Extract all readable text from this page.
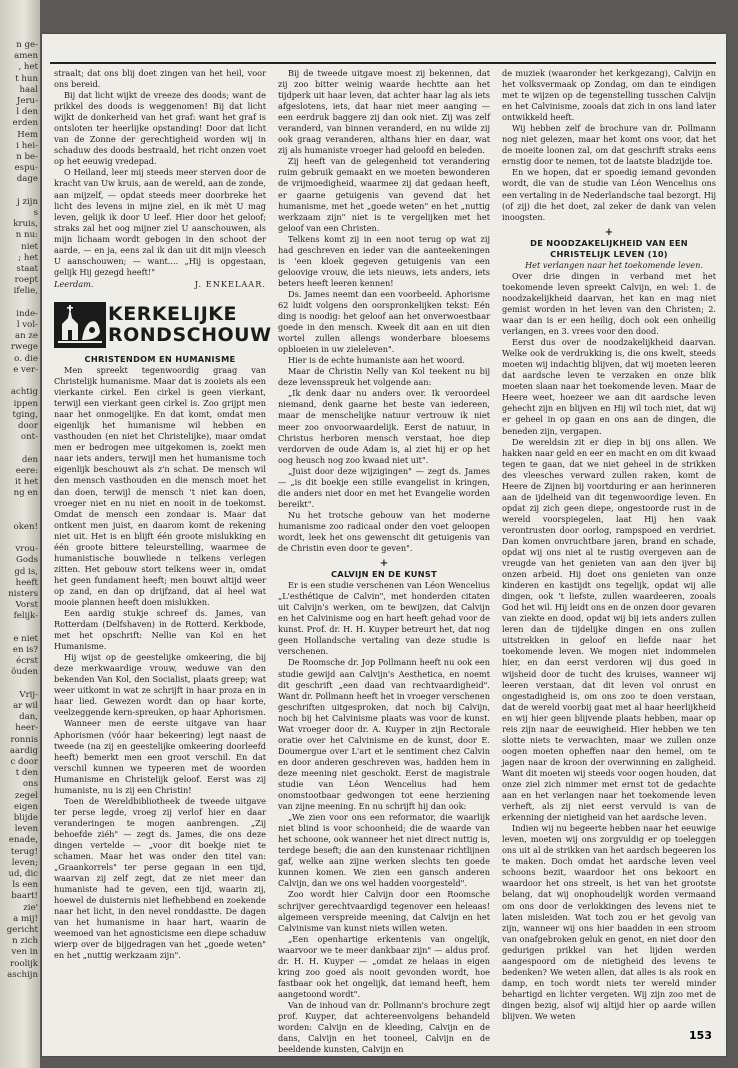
n ge-
amen
, het
t hun
haal
Jeru-
l den
erden
Hem
i hei-
n be-
espu-
dage

j zijn
s
kruis,
n nu:
niet
; het
staat
roept
ifelie,

inde-
l vol-
an ze
rwege
o. die
e ver-

achtig
ippen
tging,
door
ont-

den
eere:
it het
ng en

oken!

vrou-
Gods
gd is,
heeft
nisters
Vorst
felijk-

e niet
en is?
écrst
öuden

Vrij-
ar wil
dan,
heer-
ronnis
aardig
c door
t den
ons
zegel
eigen
blijde
leven
enade,
terug!
leven;
ud, dic
ls een
baart!
zie'
a mij!
gericht
n zich
ven in
roolijk
aschijn

straalt; dat ons blij doet zingen van het heil, voor ons bereid.

Bij dat licht wijkt de vreeze des doods; want de prikkel des doods is weggenomen! Bij dat licht wijkt de donkerheid van het graf: want het graf is ontsloten ter heerlijke opstanding! Door dat licht van de Zonne der gerechtigheid worden wij in schaduw des doods bestraald, het richt onzen voet op het eeuwig vredepad.

O Heiland, leer mij steeds meer sterven door de kracht van Uw kruis, aan de wereld, aan de zonde, aan mijzelf, — opdat steeds meer doorbreke het licht des levens in mijne ziel, en ik mèt U mag leven, gelijk ik door U leef. Hier door het geloof; straks zal het oog mijner ziel U aanschouwen, als mijn lichaam wordt gebogen in den schoot der aarde, — en ja, eens zal ik dan uit dit mijn vleesch U aanschouwen; — want.... „Hij is opgestaan, gelijk Hij gezegd heeft!"

Leerdam.	J. ENKELAAR.
KERKELIJKE
RONDSCHOUW

CHRISTENDOM EN HUMANISME

Men spreekt tegenwoordig graag van Christelijk humanisme. Maar dat is zooiets als een vierkante cirkel. Een cirkel is geen vierkant, terwijl een vierkant geen cirkel is. Zoo grijpt men naar het onmogelijke. En dat komt, omdat men eigenlijk het humanisme wil hebben en vasthouden (en niet het Christelijke), maar omdat men er bedrogen mee uitgekomen is, zoekt men naar iets anders, terwijl men het humanisme toch eigenlijk beschouwt als z'n schat. De mensch wil den mensch vasthouden en die mensch moet het dan doen, terwijl de mensch 't niet kan doen, vroeger niet en nu niet en nooit in de toekomst. Omdat de mensch een zondaar is. Maar dat ontkent men juist, en daarom komt de rekening niet uit. Het is en blijft één groote mislukking en één groote bittere teleurstelling, waarmee de humanistische bouwliede n telkens verlegen zitten. Het gebouw stort telkens weer in, omdat het geen fundament heeft; men bouwt altijd weer op zand, en dan op drijfzand, dat al heel wat mooie plannen heeft doen mislukken.

Een aardig stukje schreef ds. James, van Rotterdam (Delfshaven) in de Rotterd. Kerkbode, met het opschrift: Nellie van Kol en het Humanisme.

Hij wijst op de geestelijke omkeering, die bij deze merkwaardige vrouw, weduwe van den bekenden Van Kol, den Socialist, plaats greep; wat weer uitkomt in wat ze schrijft in haar proza en in haar lied. Gewezen wordt dan op haar korte, veelzeggende kern-spreuken, op haar Aphorismen.

Wanneer men de eerste uitgave van haar Aphorismen (vóór haar bekeering) legt naast de tweede (na zij en geestelijke omkeering doorleefd heeft) bemerkt men een groot verschil. En dat verschil kunnen we typeeren met de woorden Humanisme en Christelijk geloof. Eerst was zij humaniste, nu is zij een Christin!

Toen de Wereldbibliotheek de tweede uitgave ter perse legde, vroeg zij verlof hier en daar veranderingen te mogen aanbrengen. „Zij behoefde ziéh" — zegt ds. James, die ons deze dingen vertelde — „voor dit boekje niet te schamen. Maar het was onder den titel van: „Graankorrels" ter perse gegaan in een tijd, waarvan zij zelf zegt, dat ze niet meer dan humaniste had te geven, een tijd, waarin zij, hoewel de duisternis niet liefhebbend en zoekende naar het licht, in den nevel ronddastte. De dagen van het humanisme in haar hart, waarin de weemoed van het agnosticisme een diepe schaduw wierp over de bijgedragen van het „goede weten" en het „nuttig werkzaam zijn".

Bij de tweede uitgave moest zij bekennen, dat zij zoo bitter weinig waarde hechtte aan het tijdperk uit haar leven, dat achter haar lag als iets afgeslotens, iets, dat haar niet meer aanging — een eerdruk baggere zij dan ook niet. Zij was zelf veranderd, van binnen veranderd, en nu wilde zij ook graag veranderen, althans hier en daar, wat zij als humaniste vroeger had geloofd en beleden.

Zij heeft van de gelegenheid tot verandering ruim gebruik gemaakt en we moeten bewonderen de vrijmoedigheid, waarmee zij dat gedaan heeft, er gaarne getuigenis van gevend dat het humanisme, met het „goede weten" en het „nuttig werkzaam zijn" niet is te vergelijken met het geloof van een Christen.

Telkens komt zij in een noot terug op wat zij had geschreven en ieder van die aanteekeningen is 'een kloek gegeven getuigenis van een geloovige vrouw, die iets nieuws, iets anders, iets beters heeft leeren kennen!

Ds. James neemt dan een voorbeeld. Aphorisme 62 luidt volgens den oorspronkelijken tekst: Eén ding is noodig: het geloof aan het onverwoestbaar goede in den mensch. Kweek dit aan en uit dien wortel zullen allengs wonderbare bloesems opbloeien in uw zieleleven".

Hier is de echte humaniste aan het woord.

Maar de Christin Nelly van Kol teekent nu bij deze levensspreuk het volgende aan:

„Ik denk daar nu anders over. Ik veroordeel niemand, denk gaarne het beste van iedereen, maar de menschelijke natuur vertrouw ik niet meer zoo onvoorwaardelijk. Eerst de natuur, in Christus herboren mensch verstaat, hoe diep verdorven de oude Adam is, al ziet hij er op het oog heusch nog zoo kwaad niet uit".

„Juist door deze wijzigingen" — zegt ds. James — „is dit boekje een stille evangelist in kringen, die anders niet door en met het Evangelie worden bereikt".

Nu het trotsche gebouw van het moderne humanisme zoo radicaal onder den voet geloopen wordt, leek het ons gewenscht dit getuigenis van de Christin even door te geven".

+

CALVIJN EN DE KUNST

Er is een studie verschenen van Léon Wencelius „L'esthétique de Calvin", met honderden citaten uit Calvijn's werken, om te bewijzen, dat Calvijn en het Calvinisme oog en hart heeft gehad voor de kunst. Prof. dr. H. H. Kuyper betreurt het, dat nog geen Hollandsche vertaling van deze studie is verschenen.

De Roomsche dr. Jop Pollmann heeft nu ook een studie gewijd aan Calvijn's Aesthetica, en noemt dit geschrift „een daad van rechtvaardigheid". Want dr. Pollmann heeft het in vroeger verschenen geschriften uitgesproken, dat noch bij Calvijn, noch bij het Calvinisme plaats was voor de kunst. Wat vroeger door dr. A. Kuyper in zijn Rectorale oratie over het Calvinisme en de kunst, door E. Doumergue over L'art et le sentiment chez Calvin en door anderen geschreven was, hadden hem in deze meening niet geschokt. Eerst de magistrale studie van Léon Wencelius had hem onomstootbaar gedwongen tot eene herziening van zijne meening. En nu schrijft hij dan ook:

„We zien voor ons een reformator, die waarlijk niet blind is voor schoonheid; die de waarde van het schoone, ook wanneer het niet direct nuttig is, terdege beseft; die aan den kunstenaar richtlijnen gaf, welke aan zijne werken slechts ten goede kunnen komen. We zien een gansch anderen Calvijn, dan we ons wel hadden voorgesteld".

Zoo wordt hier Calvijn door een Roomsche schrijver gerechtvaardigd tegenover een heleaas! algemeen verspreide meening, dat Calvijn en het Calvinisme van kunst niets willen weten.

„Een openhartige erkentenis van ongelijk, waarvoor we te meer dankbaar zijn" — aldus prof. dr. H. H. Kuyper — „omdat ze helaas in eigen kring zoo goed als nooit gevonden wordt, hoe fastbaar ook het ongelijk, dat iemand heeft, hem aangetoond wordt".

Van de inhoud van dr. Pollmann's brochure zegt prof. Kuyper, dat achtereenvolgens behandeld worden: Calvijn en de kleeding, Calvijn en de dans, Calvijn en het tooneel, Calvijn en de beeldende kunsten, Calvijn en

de muziek (waaronder het kerkgezang), Calvijn en het volksvermaak op Zondag, om dan te eindigen met te wijzen op de tegenstelling tusschen Calvijn en het Calvinisme, zooals dat zich in ons land later ontwikkeld heeft.

Wij hebben zelf de brochure van dr. Pollmann nog niet gelezen, maar het komt ons voor, dat het de moeite loonen zal, om dat geschrift straks eens ernstig door te nemen, tot de laatste bladzijde toe.

En we hopen, dat er spoedig iemand gevonden wordt, die van de studie van Léon Wencelius ons een vertaling in de Nederlandsche taal bezorgt. Hij (of zij) die het doet, zal zeker de dank van velen inoogsten.

+

DE NOODZAKELIJKHEID VAN EEN CHRISTELIJK LEVEN (10)

Het verlangen naar het toekomende leven.

Over drie dingen in verband met het toekomende leven spreekt Calvijn, en wel: 1. de noodzakelijkheid daarvan, het kan en mag niet gemist worden in het leven van den Christen; 2. waar dan is er een heilig, doch ook een onheilig verlangen, en 3. vrees voor den dood.

Eerst dus over de noodzakelijkheid daarvan. Welke ook de verdrukking is, die ons kwelt, steeds moeten wij indachtig blijven, dat wij moeten leeren dat aardsche leven te verzaken en onze blik moeten slaan naar het toekomende leven. Maar de Heere weet, hoezeer we aan dit aardsche leven gehecht zijn en blijven en Hij wil toch niet, dat wij er geheel in op gaan en ons aan de dingen, die beneden zijn, vergapen.

De wereldsin zit er diep in bij ons allen. We hakken naar geld en eer en macht en om dit kwaad tegen te gaan, dat we niet geheel in de strikken des vleesches verward zullen raken, komt de Heere de Zijnen bij voortduring er aan herinneren aan de ijdelheid van dit tegenwoordige leven. En opdat zij zich geen diepe, ongestoorde rust in de wereld voorspiegelen, laat Hij hen vaak verontrusten door oorlog, rampspoed en verdriet. Dan komen onvruchtbare jaren, brand en schade, opdat wij ons niet al te rustig overgeven aan de vreugde van het genieten van aan den ijver bij onzen arbeid. Hij doet ons genieten van onze kinderen en kastijdt ons tegelijk, opdat wij alle dingen, ook 't liefste, zullen waardeeren, zooals God het wil. Hij leidt ons en de onzen door gevaren van ziekte en dood, opdat wij bij iets anders zullen leren dan de tijdelijke dingen en ons zullen uitstrekken in geloof en liefde naar het toekomende leven. We mogen niet indommelen hier, en dan eerst verdoren wij dus goed in wijsheid door de tucht des kruises, wanneer wij leeren verstaan, dat dit leven vol onrust en ongestadigheid is, om ons zoo te doen verstaan, dat de wereld voorbij gaat met al haar heerlijkheid en wij hier geen blijvende plaats hebben, maar op reis zijn naar de eeuwigheid. Hier hebben we ten slotte niets te verwachten, maar we zullen onze oogen moeten opheffen naar den hemel, om te jagen naar de kroon der overwinning en zaligheid. Want dit moeten wij steeds voor oogen houden, dat onze ziel zich nimmer met ernst tot de gedachte aan en het verlangen naar het toekomende leven verheft, als zij niet eerst vervuld is van de erkenning der nietigheid van het aardsche leven.

Indien wij nu begeerte hebben naar het eeuwige leven, moeten wij ons zorgvuldig er op toeleggen ons uit al de strikken van het aardsch begeeren los te maken. Doch omdat het aardsche leven veel schoons bezit, waardoor het ons bekoort en waardoor het ons streelt, is het van het grootste belang, dat wij onophoudelijk worden vermaand om ons door de verlokkingen des levens niet te laten misleiden. Wat toch zou er het gevolg van zijn, wanneer wij ons hier baadden in een stroom van onafgebroken geluk en genot, en niet door den gedurigen prikkel van het lijden werden aangespoord om de nietigheid des levens te bedenken? We weten allen, dat alles is als rook en damp, en toch wordt niets ter wereld minder behartigd en lichter vergeten. Wij zijn zoo met de dingen bezig, alsof wij altijd hier op aarde willen blijven. We weten

153
